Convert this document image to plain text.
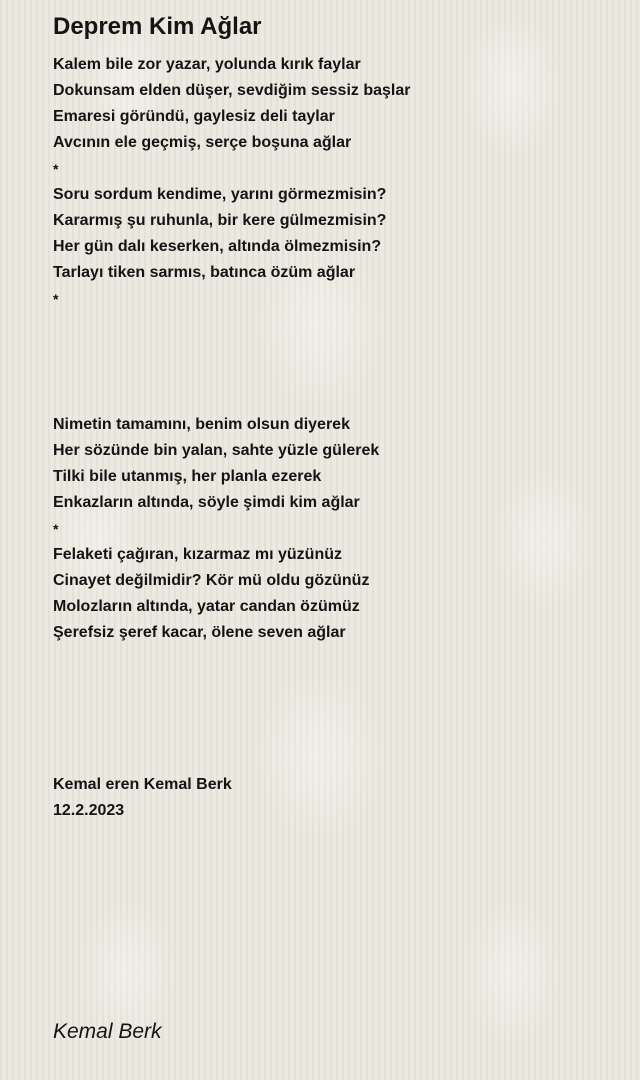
Deprem Kim Ağlar
Kalem bile zor yazar, yolunda kırık faylar
Dokunsam elden düşer, sevdiğim sessiz başlar
Emaresi göründü, gaylesiz deli taylar
Avcının ele geçmiş, serçe boşuna ağlar
*
Soru sordum kendime, yarını görmezmisin?
Kararmış şu ruhunla, bir kere gülmezmisin?
Her gün dalı keserken, altında ölmezmisin?
Tarlayı tiken sarmıs, batınca özüm ağlar
*
Nimetin tamamını, benim olsun diyerek
Her sözünde bin yalan, sahte yüzle gülerek
Tilki bile utanmış, her planla ezerek
Enkazların altında, söyle şimdi kim ağlar
*
Felaketi çağıran, kızarmaz mı yüzünüz
Cinayet değilmidir? Kör mü oldu gözünüz
Molozların altında, yatar candan özümüz
Şerefsiz şeref kacar, ölene seven ağlar
Kemal eren Kemal Berk
12.2.2023
Kemal Berk
